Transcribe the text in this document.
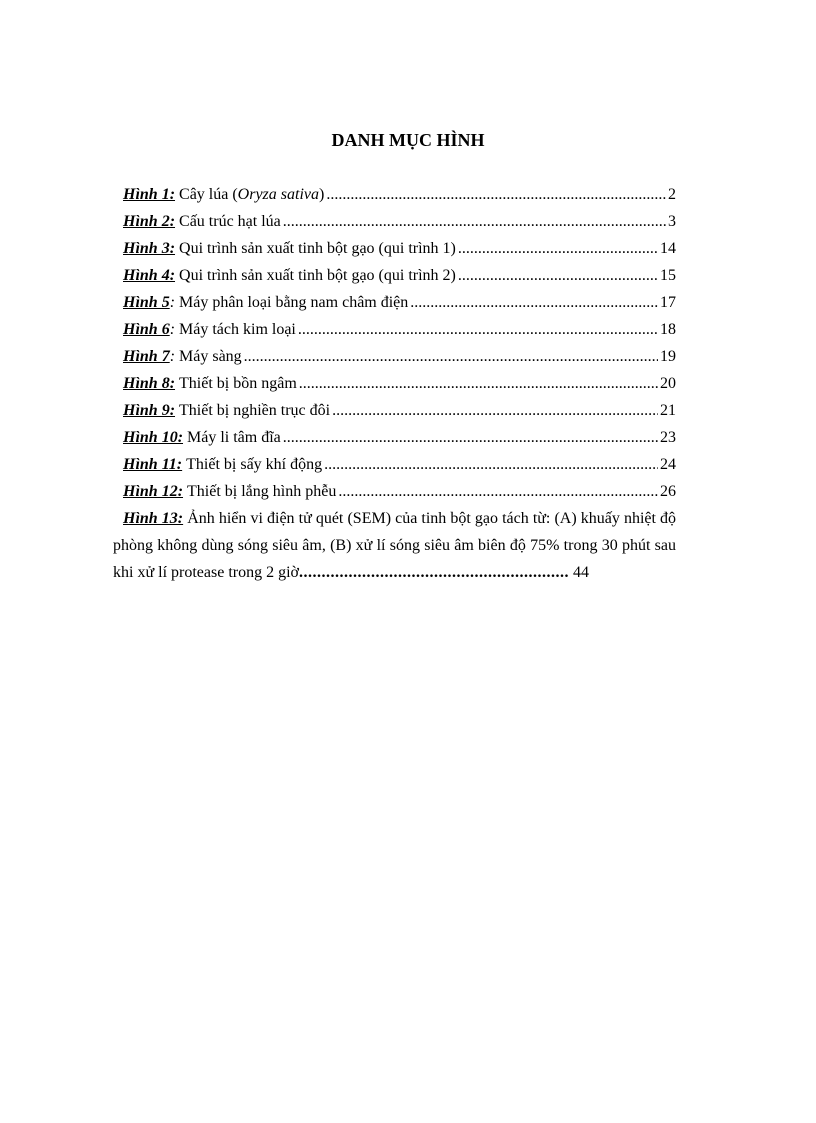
DANH MỤC HÌNH
Hình 1: Cây lúa (Oryza sativa) .....	2
Hình 2: Cấu trúc hạt lúa .....	3
Hình 3: Qui trình sản xuất tinh bột gạo (qui trình 1) .....	14
Hình 4: Qui trình sản xuất tinh bột gạo (qui trình 2) .....	15
Hình 5 : Máy phân loại bằng nam châm điện .....	17
Hình 6 : Máy tách kim loại .....	18
Hình 7 : Máy sàng .....	19
Hình 8: Thiết bị bồn ngâm .....	20
Hình 9: Thiết bị nghiền trục đôi .....	21
Hình 10: Máy li tâm đĩa .....	23
Hình 11: Thiết bị sấy khí động .....	24
Hình 12: Thiết bị lắng hình phễu .....	26
Hình 13: Ảnh hiển vi điện tử quét (SEM) của tinh bột gạo tách từ: (A) khuấy nhiệt độ phòng không dùng sóng siêu âm, (B) xử lí sóng siêu âm biên độ 75% trong 30 phút sau khi xử lí protease trong 2 giờ............................................................ 44
